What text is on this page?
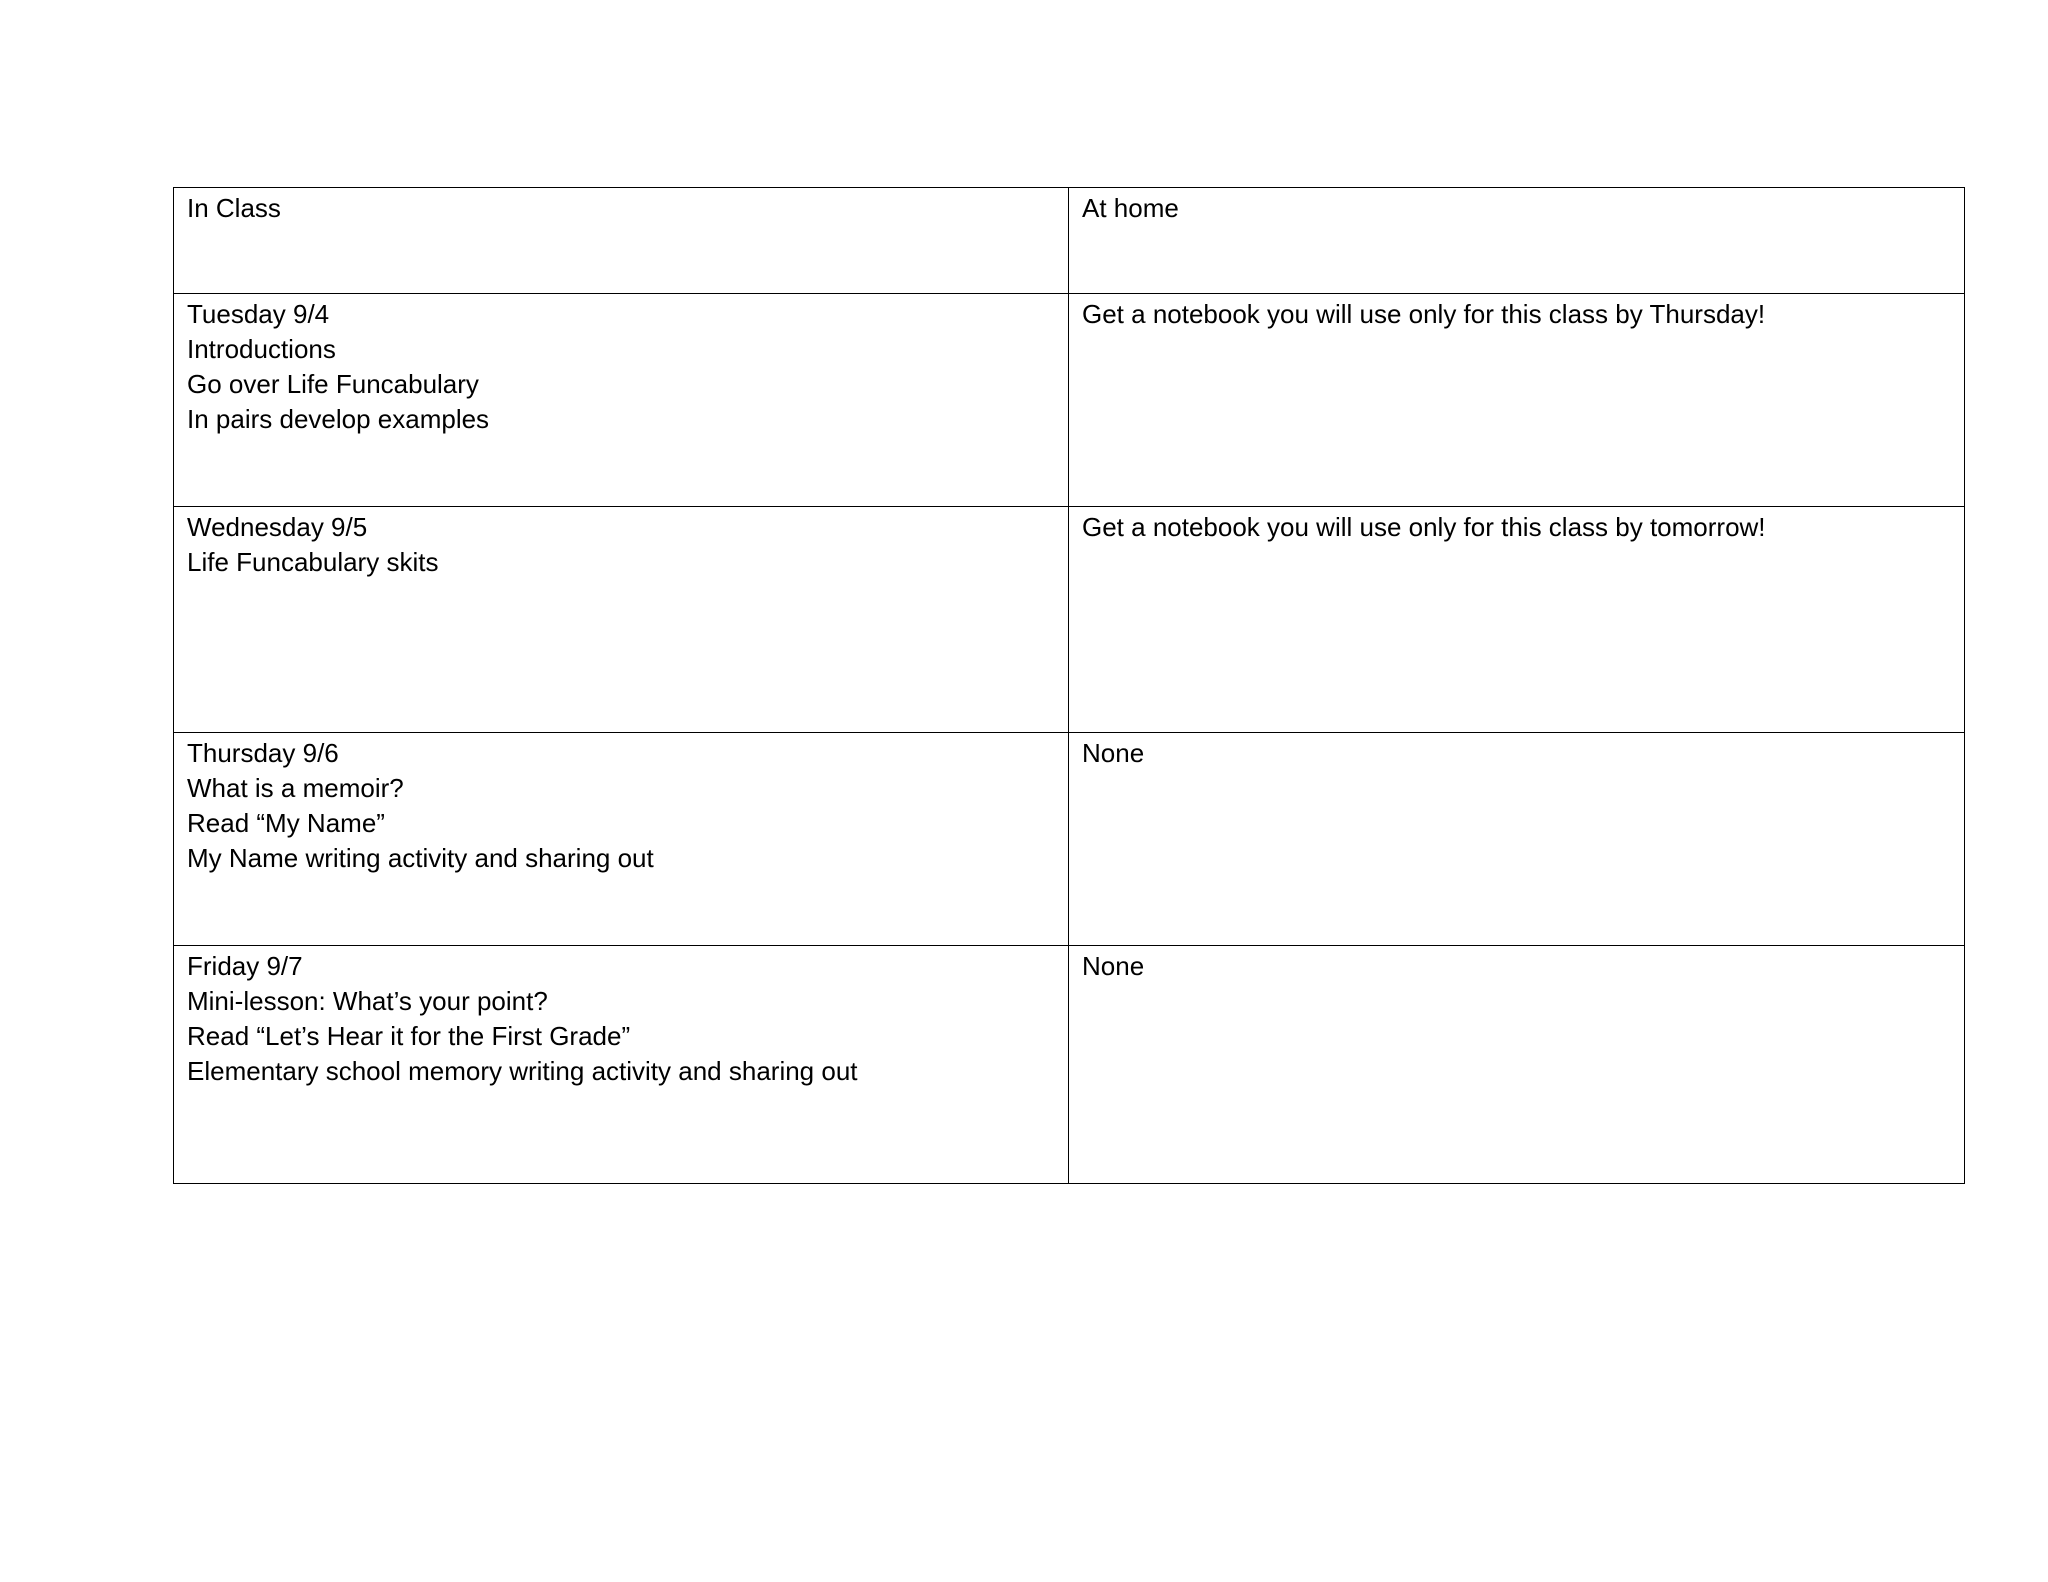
In Class	At home

Tuesday 9/4
Introductions
Go over Life Funcabulary
In pairs develop examples	Get a notebook you will use only for this class by Thursday!

Wednesday 9/5
Life Funcabulary skits	Get a notebook you will use only for this class by tomorrow!

Thursday 9/6
What is a memoir?
Read “My Name”
My Name writing activity and sharing out	None

Friday 9/7
Mini-lesson: What’s your point?
Read “Let’s Hear it for the First Grade”
Elementary school memory writing activity and sharing out	None
